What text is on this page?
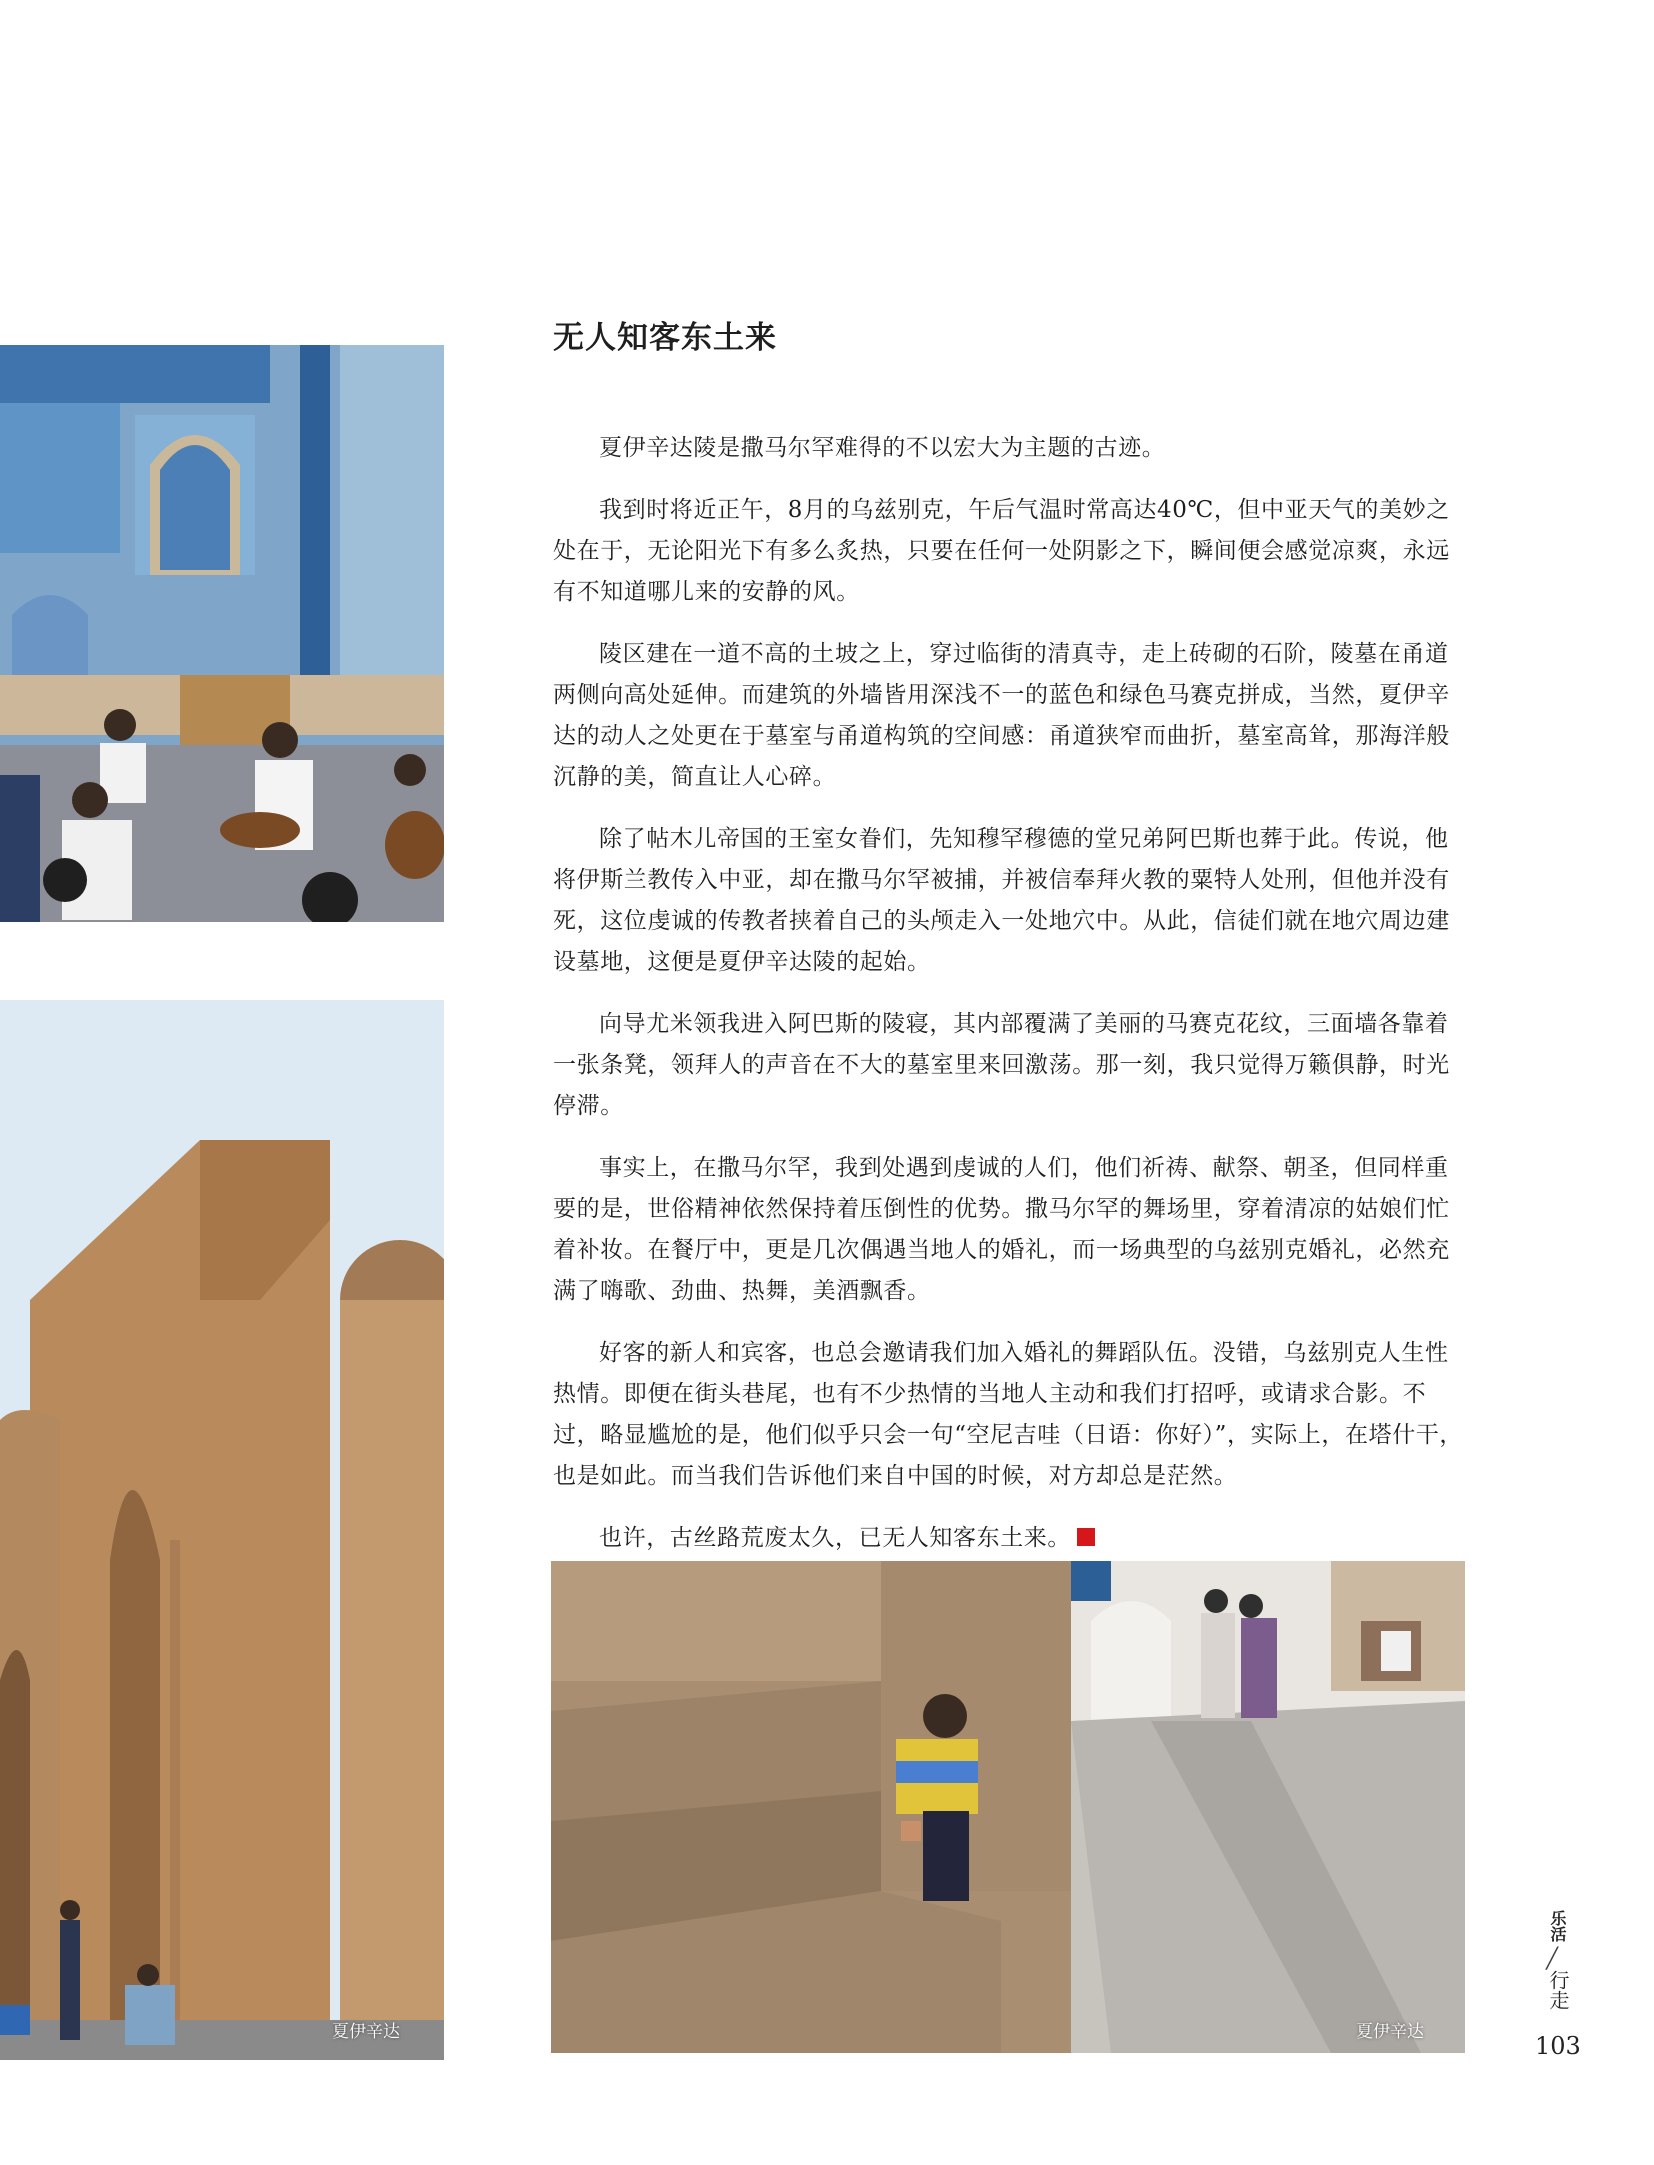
夏伊辛达
无人知客东土来

夏伊辛达陵是撒马尔罕难得的不以宏大为主题的古迹。

我到时将近正午，8月的乌兹别克，午后气温时常高达40℃，但中亚天气的美妙之处在于，无论阳光下有多么炙热，只要在任何一处阴影之下，瞬间便会感觉凉爽，永远有不知道哪儿来的安静的风。

陵区建在一道不高的土坡之上，穿过临街的清真寺，走上砖砌的石阶，陵墓在甬道两侧向高处延伸。而建筑的外墙皆用深浅不一的蓝色和绿色马赛克拼成，当然，夏伊辛达的动人之处更在于墓室与甬道构筑的空间感：甬道狭窄而曲折，墓室高耸，那海洋般沉静的美，简直让人心碎。

除了帖木儿帝国的王室女眷们，先知穆罕穆德的堂兄弟阿巴斯也葬于此。传说，他将伊斯兰教传入中亚，却在撒马尔罕被捕，并被信奉拜火教的粟特人处刑，但他并没有死，这位虔诚的传教者挟着自己的头颅走入一处地穴中。从此，信徒们就在地穴周边建设墓地，这便是夏伊辛达陵的起始。

向导尤米领我进入阿巴斯的陵寝，其内部覆满了美丽的马赛克花纹，三面墙各靠着一张条凳，领拜人的声音在不大的墓室里来回激荡。那一刻，我只觉得万籁俱静，时光停滞。

事实上，在撒马尔罕，我到处遇到虔诚的人们，他们祈祷、献祭、朝圣，但同样重要的是，世俗精神依然保持着压倒性的优势。撒马尔罕的舞场里，穿着清凉的姑娘们忙着补妆。在餐厅中，更是几次偶遇当地人的婚礼，而一场典型的乌兹别克婚礼，必然充满了嗨歌、劲曲、热舞，美酒飘香。

好客的新人和宾客，也总会邀请我们加入婚礼的舞蹈队伍。没错，乌兹别克人生性热情。即便在街头巷尾，也有不少热情的当地人主动和我们打招呼，或请求合影。不过，略显尴尬的是，他们似乎只会一句“空尼吉哇（日语：你好）”，实际上，在塔什干，也是如此。而当我们告诉他们来自中国的时候，对方却总是茫然。

也许，古丝路荒废太久，已无人知客东土来。

夏伊辛达
乐活
╱
行走
103
